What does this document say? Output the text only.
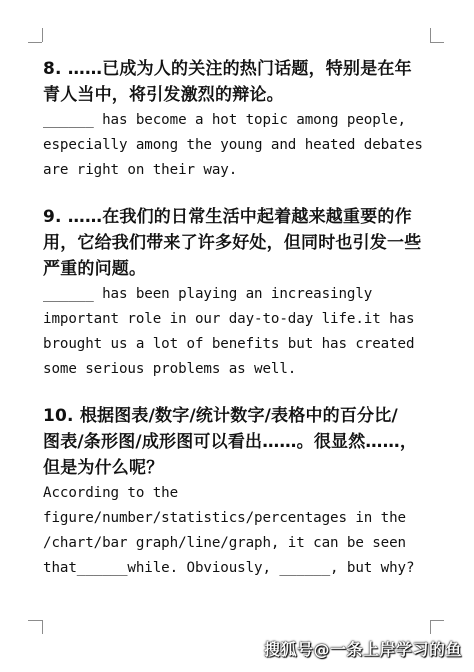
8. ……已成为人的关注的热门话题，特别是在年
青人当中，将引发激烈的辩论。
______ has become a hot topic among people,
especially among the young and heated debates
are right on their way.
9. ……在我们的日常生活中起着越来越重要的作
用，它给我们带来了许多好处，但同时也引发一些
严重的问题。
______ has been playing an increasingly
important role in our day-to-day life.it has
brought us a lot of benefits but has created
some serious problems as well.
10. 根据图表/数字/统计数字/表格中的百分比/
图表/条形图/成形图可以看出……。很显然……，
但是为什么呢？
According to the
figure/number/statistics/percentages in the
/chart/bar graph/line/graph, it can be seen
that______while. Obviously, ______, but why?
搜狐号@一条上岸学习的鱼
